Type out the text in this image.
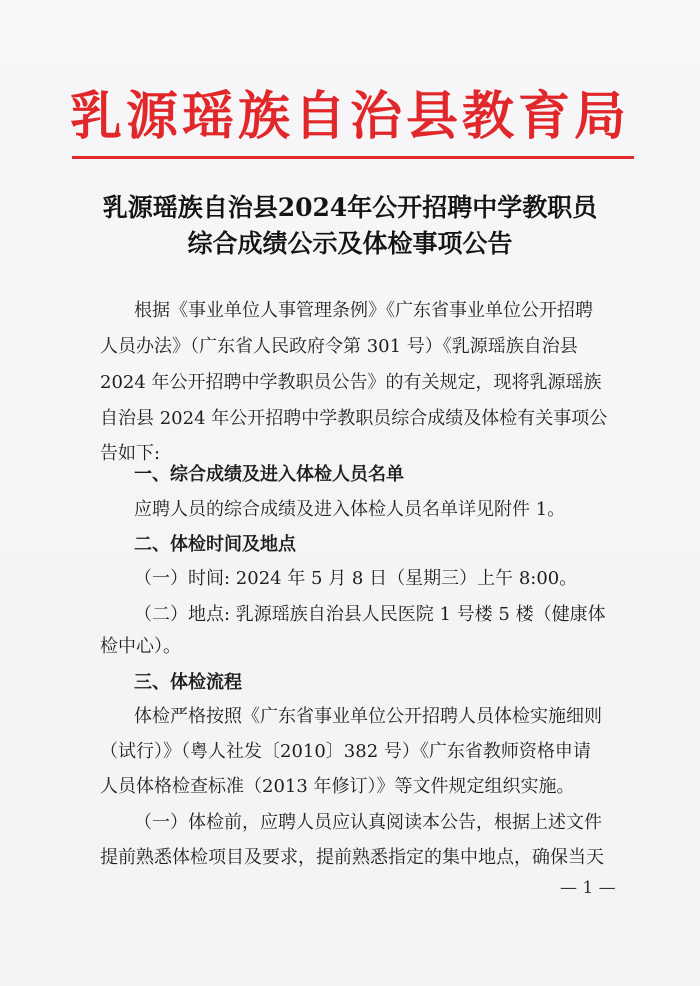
乳源瑶族自治县教育局
乳源瑶族自治县2024年公开招聘中学教职员
综合成绩公示及体检事项公告
根据《事业单位人事管理条例》《广东省事业单位公开招聘
人员办法》（广东省人民政府令第 301 号）《乳源瑶族自治县
2024 年公开招聘中学教职员公告》的有关规定，现将乳源瑶族
自治县 2024 年公开招聘中学教职员综合成绩及体检有关事项公
告如下:
一、综合成绩及进入体检人员名单
应聘人员的综合成绩及进入体检人员名单详见附件 1。
二、体检时间及地点
（一）时间: 2024 年 5 月 8 日（星期三）上午 8:00。
（二）地点: 乳源瑶族自治县人民医院 1 号楼 5 楼（健康体
检中心）。
三、体检流程
体检严格按照《广东省事业单位公开招聘人员体检实施细则
（试行）》（粤人社发〔2010〕382 号）《广东省教师资格申请
人员体格检查标准（2013 年修订）》等文件规定组织实施。
（一）体检前，应聘人员应认真阅读本公告，根据上述文件
提前熟悉体检项目及要求，提前熟悉指定的集中地点，确保当天
— 1 —
